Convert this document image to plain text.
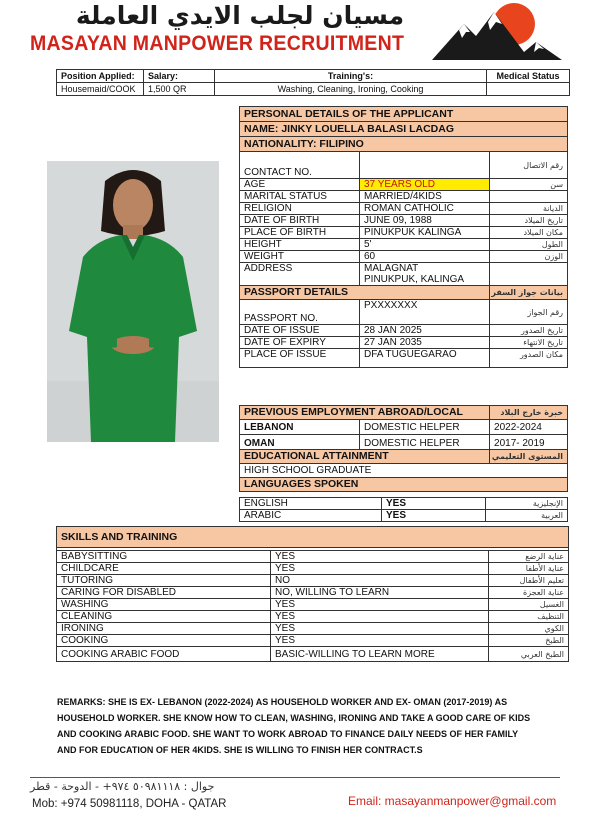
مسيان لجلب الايدي العاملة
MASAYAN MANPOWER RECRUITMENT
Position Applied:	Salary:	Training's:	Medical Status
Housemaid/COOK	1,500 QR	Washing, Cleaning, Ironing, Cooking	
PERSONAL DETAILS OF THE APPLICANT		
NAME: JINKY LOUELLA BALASI LACDAG		
NATIONALITY: FILIPINO		
CONTACT NO.		رقم الاتصال
AGE	37 YEARS OLD	سن
MARITAL STATUS	MARRIED/4KIDS	
RELIGION	ROMAN CATHOLIC	الديانة
DATE OF BIRTH	JUNE 09, 1988	تاريخ الميلاد
PLACE OF BIRTH	PINUKPUK KALINGA	مكان الميلاد
HEIGHT	5'	الطول
WEIGHT	60	الوزن
ADDRESS	MALAGNAT
PINUKPUK, KALINGA	

PASSPORT DETAILS		بيانات جواز السفر
PASSPORT NO.	PXXXXXXX	رقم الجواز
DATE OF ISSUE	28 JAN 2025	تاريخ الصدور
DATE OF EXPIRY	27 JAN 2035	تاريخ الانتهاء
PLACE OF ISSUE	DFA TUGUEGARAO	مكان الصدور
PREVIOUS EMPLOYMENT ABROAD/LOCAL		خبرة خارج البلاد
LEBANON	DOMESTIC HELPER	2022-2024
OMAN	DOMESTIC HELPER	2017- 2019
EDUCATIONAL ATTAINMENT		المستوى التعليمي
HIGH SCHOOL GRADUATE		
LANGUAGES SPOKEN		
ENGLISH	YES	الإنجليزية
ARABIC	YES	العربية
SKILLS AND TRAINING		

BABYSITTING	YES	عناية الرضع
CHILDCARE	YES	عناية الأطفا
TUTORING	NO	تعليم الأطفال
CARING FOR DISABLED	NO, WILLING TO LEARN	عناية العجزة
WASHING	YES	الغسيل
CLEANING	YES	التنظيف
IRONING	YES	الكوي
COOKING	YES	الطبخ
COOKING ARABIC FOOD	BASIC-WILLING TO LEARN MORE	الطبخ العربي
REMARKS: SHE IS EX- LEBANON (2022-2024) AS HOUSEHOLD WORKER AND EX- OMAN (2017-2019) AS HOUSEHOLD WORKER. SHE KNOW HOW TO CLEAN, WASHING, IRONING AND TAKE A GOOD CARE OF KIDS AND COOKING ARABIC FOOD. SHE WANT TO WORK ABROAD TO FINANCE DAILY NEEDS OF HER FAMILY AND FOR EDUCATION OF HER 4KIDS. SHE IS WILLING TO FINISH HER CONTRACT.S
جوال : ٥٠٩٨١١١٨ ٩٧٤+ - الدوحة - قطر
Mob: +974 50981118, DOHA - QATAR	Email: masayanmanpower@gmail.com
